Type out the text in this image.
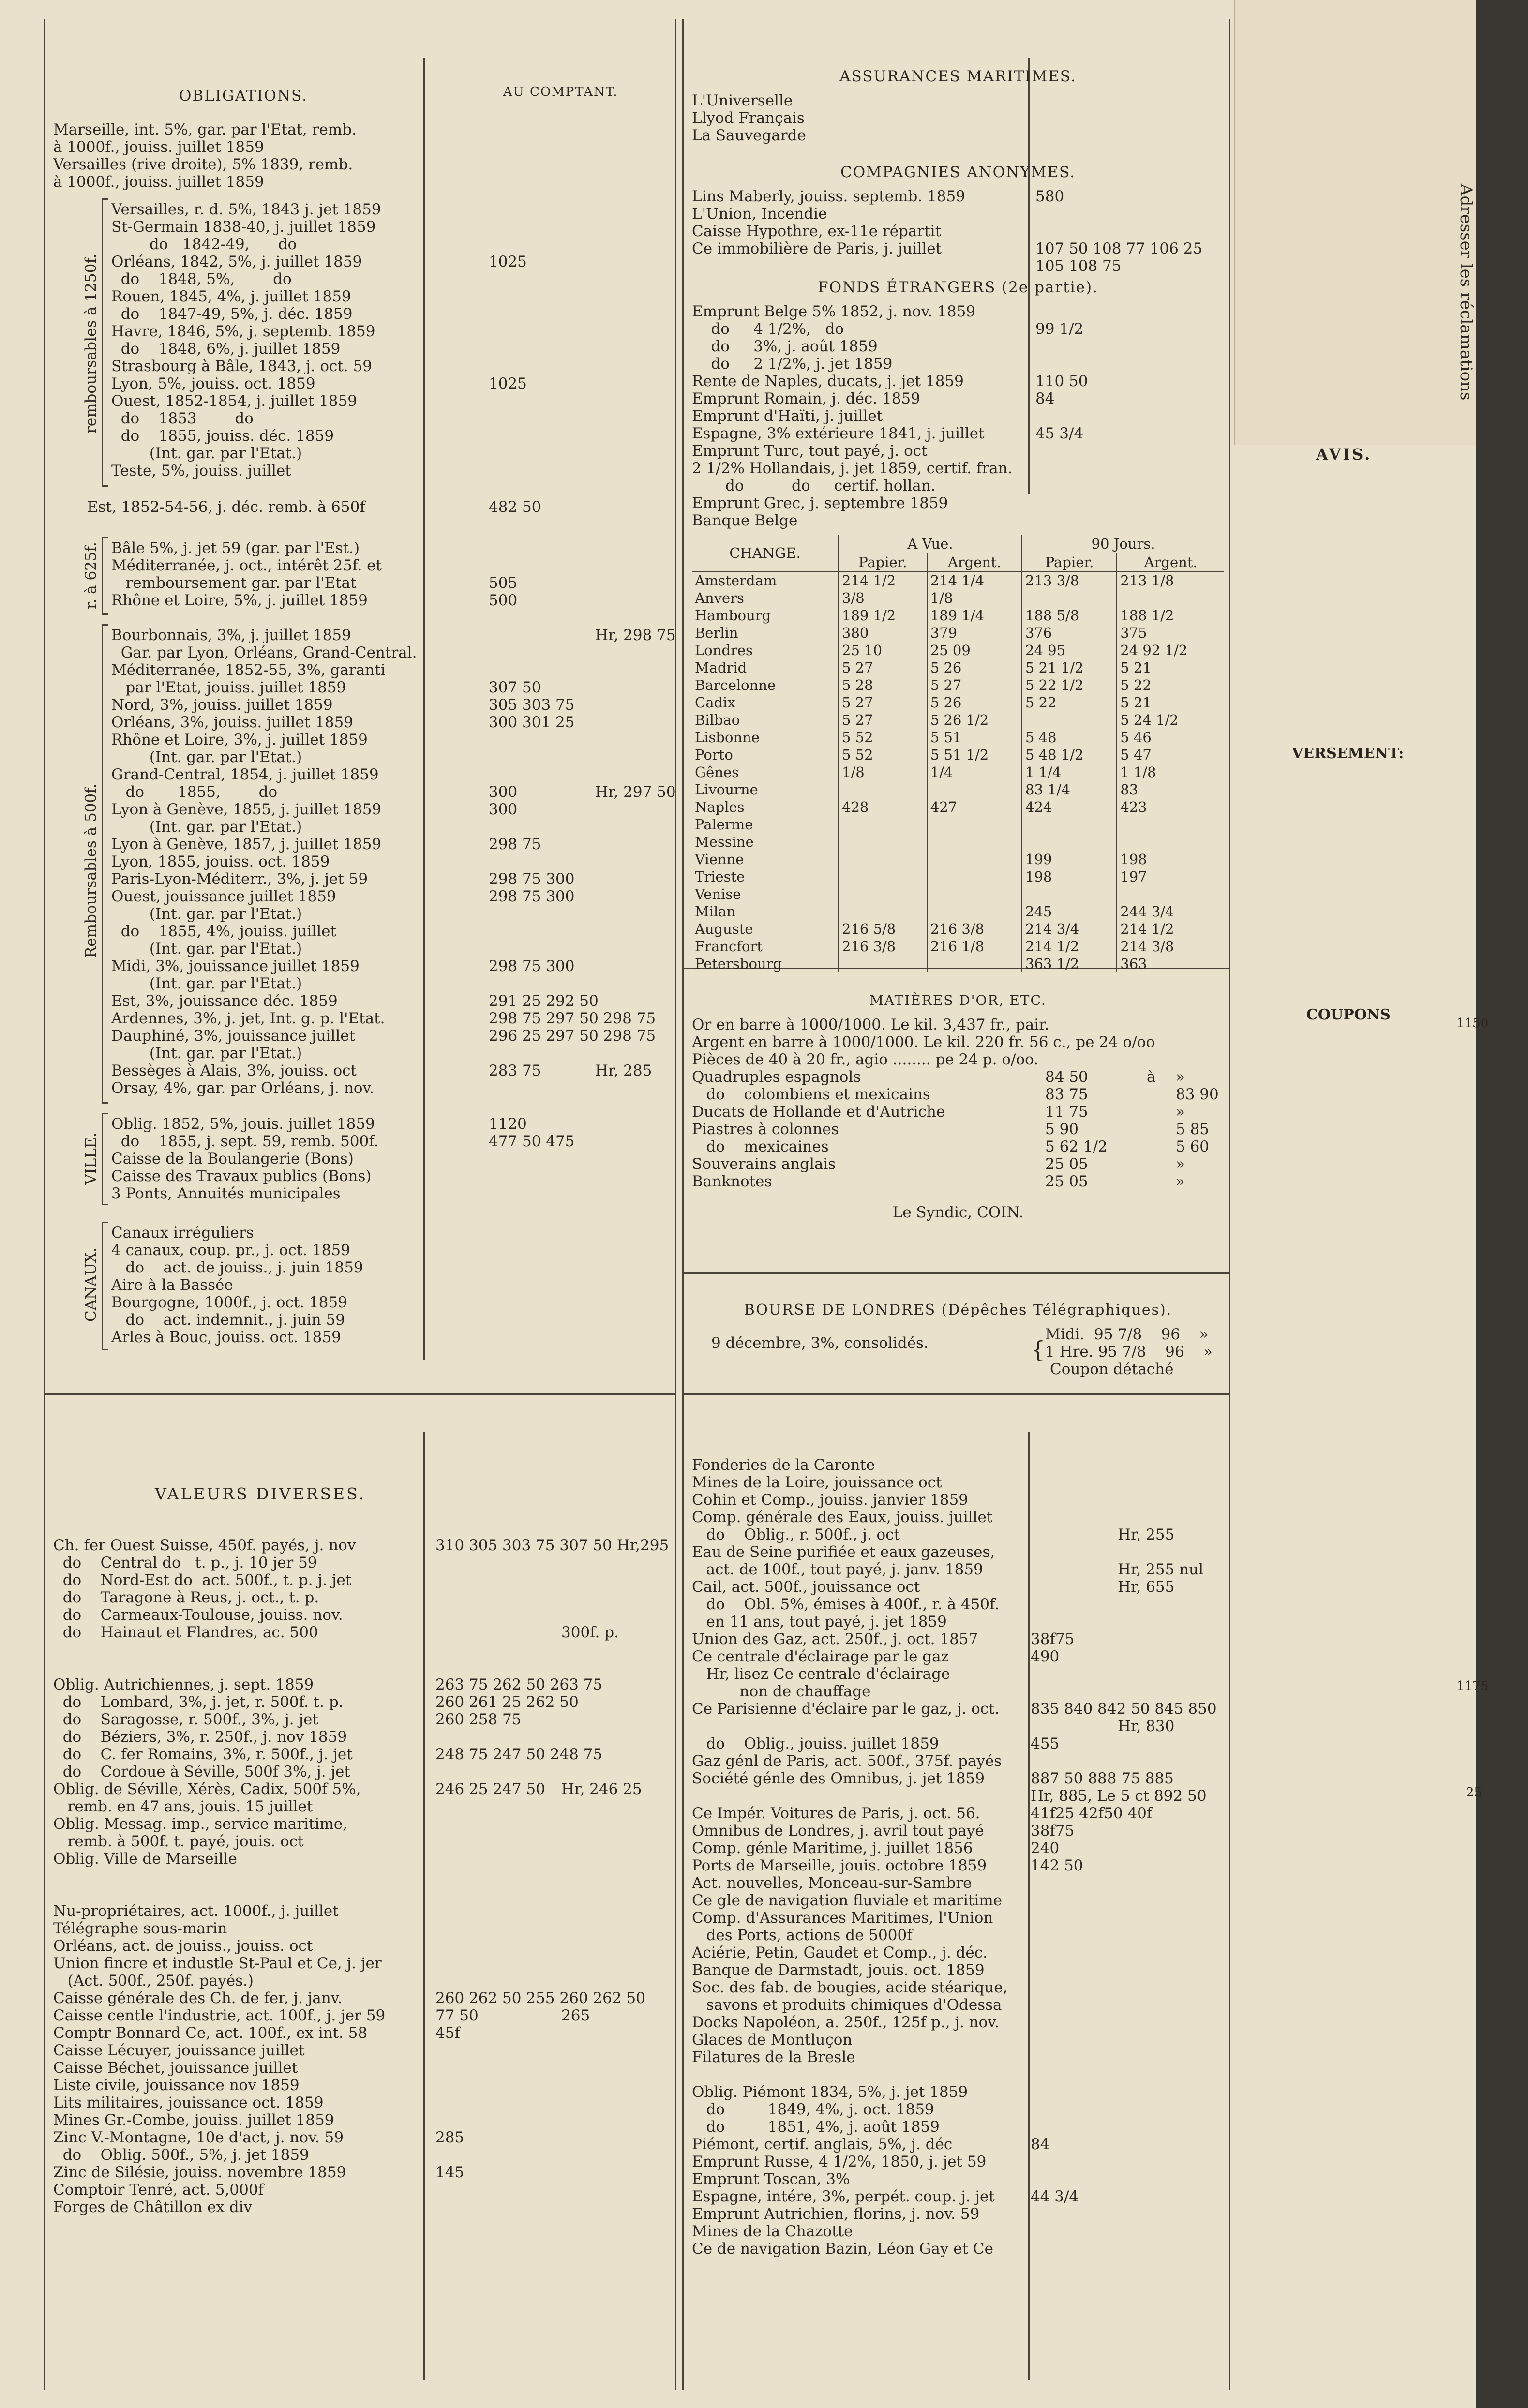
OBLIGATIONS.	AU COMPTANT.
Marseille, int. 5%, gar. par l'Etat, remb.
à 1000f., jouiss. juillet 1859
Versailles (rive droite), 5% 1839, remb.
à 1000f., jouiss. juillet 1859
remboursables à 1250f.
Versailles, r. d. 5%, 1843 j. jet 1859
St-Germain 1838-40, j. juillet 1859
do   1842-49,      do
Orléans, 1842, 5%, j. juillet 1859	1025
do    1848, 5%,        do
Rouen, 1845, 4%, j. juillet 1859
do    1847-49, 5%, j. déc. 1859
Havre, 1846, 5%, j. septemb. 1859
do    1848, 6%, j. juillet 1859
Strasbourg à Bâle, 1843, j. oct. 59
Lyon, 5%, jouiss. oct. 1859	1025
Ouest, 1852-1854, j. juillet 1859
do    1853        do
do    1855, jouiss. déc. 1859
(Int. gar. par l'Etat.)
Teste, 5%, jouiss. juillet
Est, 1852-54-56, j. déc. remb. à 650f	482 50
r. à 625f. Bâle 5%, j. jet 59 (gar. par l'Est.)
Méditerranée, j. oct., intérêt 25f. et
remboursement gar. par l'Etat	505
Rhône et Loire, 5%, j. juillet 1859	500
Remboursables à 500f.
Bourbonnais, 3%, j. juillet 1859	Hr, 298 75
Gar. par Lyon, Orléans, Grand-Central.
Méditerranée, 1852-55, 3%, garanti
par l'Etat, jouiss. juillet 1859	307 50
Nord, 3%, jouiss. juillet 1859	305 303 75
Orléans, 3%, jouiss. juillet 1859	300 301 25
Rhône et Loire, 3%, j. juillet 1859
(Int. gar. par l'Etat.)
Grand-Central, 1854, j. juillet 1859
do       1855,        do	300	Hr, 297 50
Lyon à Genève, 1855, j. juillet 1859	300
(Int. gar. par l'Etat.)
Lyon à Genève, 1857, j. juillet 1859	298 75
Lyon, 1855, jouiss. oct. 1859
Paris-Lyon-Méditerr., 3%, j. jet 59	298 75 300
Ouest, jouissance juillet 1859	298 75 300
(Int. gar. par l'Etat.)
do    1855, 4%, jouiss. juillet
(Int. gar. par l'Etat.)
Midi, 3%, jouissance juillet 1859	298 75 300
(Int. gar. par l'Etat.)
Est, 3%, jouissance déc. 1859	291 25 292 50
Ardennes, 3%, j. jet, Int. g. p. l'Etat.	298 75 297 50 298 75
Dauphiné, 3%, jouissance juillet	296 25 297 50 298 75
(Int. gar. par l'Etat.)
Bessèges à Alais, 3%, jouiss. oct	283 75	Hr, 285
Orsay, 4%, gar. par Orléans, j. nov.
VILLE.
Oblig. 1852, 5%, jouis. juillet 1859	1120
do    1855, j. sept. 59, remb. 500f.	477 50 475
Caisse de la Boulangerie (Bons)
Caisse des Travaux publics (Bons)
3 Ponts, Annuités municipales
CANAUX.
Canaux irréguliers
4 canaux, coup. pr., j. oct. 1859
do    act. de jouiss., j. juin 1859
Aire à la Bassée
Bourgogne, 1000f., j. oct. 1859
do    act. indemnit., j. juin 59
Arles à Bouc, jouiss. oct. 1859
ASSURANCES MARITIMES.
L'Universelle
Llyod Français
La Sauvegarde
COMPAGNIES ANONYMES.
Lins Maberly, jouiss. septemb. 1859	580
L'Union, Incendie
Caisse Hypothre, ex-11e répartit
Ce immobilière de Paris, j. juillet	107 50 108 77 106 25
105 108 75
FONDS ÉTRANGERS (2e partie).
Emprunt Belge 5% 1852, j. nov. 1859
do     4 1/2%,   do	99 1/2
do     3%, j. août 1859
do     2 1/2%, j. jet 1859
Rente de Naples, ducats, j. jet 1859	110 50
Emprunt Romain, j. déc. 1859	84
Emprunt d'Haïti, j. juillet
Espagne, 3% extérieure 1841, j. juillet	45 3/4
Emprunt Turc, tout payé, j. oct
2 1/2% Hollandais, j. jet 1859, certif. fran.
do          do     certif. hollan.
Emprunt Grec, j. septembre 1859
Banque Belge
CHANGE.	A Vue.		90 Jours.	
	Papier.	Argent.	Papier.	Argent.
Amsterdam	214 1/2	214 1/4	213 3/8	213 1/8
Anvers	3/8	1/8		
Hambourg	189 1/2	189 1/4	188 5/8	188 1/2
Berlin	380	379	376	375
Londres	25 10	25 09	24 95	24 92 1/2
Madrid	5 27	5 26	5 21 1/2	5 21
Barcelonne	5 28	5 27	5 22 1/2	5 22
Cadix	5 27	5 26	5 22	5 21
Bilbao	5 27	5 26 1/2		5 24 1/2
Lisbonne	5 52	5 51	5 48	5 46
Porto	5 52	5 51 1/2	5 48 1/2	5 47
Gênes	1/8	1/4	1 1/4	1 1/8
Livourne			83 1/4	83
Naples	428	427	424	423
Palerme				
Messine				
Vienne			199	198
Trieste			198	197
Venise				
Milan			245	244 3/4
Auguste	216 5/8	216 3/8	214 3/4	214 1/2
Francfort	216 3/8	216 1/8	214 1/2	214 3/8
Petersbourg			363 1/2	363
MATIÈRES D'OR, ETC.
Or en barre à 1000/1000. Le kil. 3,437 fr., pair.
Argent en barre à 1000/1000. Le kil. 220 fr. 56 c., pe 24 o/oo
Pièces de 40 à 20 fr., agio ........ pe 24 p. o/oo.
Quadruples espagnols	84 50	à »
do    colombiens et mexicains	83 75	83 90
Ducats de Hollande et d'Autriche	11 75	»
Piastres à colonnes	5 90	5 85
do    mexicaines	5 62 1/2	5 60
Souverains anglais	25 05	»
Banknotes	25 05	»
Le Syndic, COIN.
BOURSE DE LONDRES (Dépêches Télégraphiques).
9 décembre, 3%, consolidés.	{
Midi.  95 7/8    96    »
1 Hre. 95 7/8    96    »
Coupon détaché
VALEURS DIVERSES.
Ch. fer Ouest Suisse, 450f. payés, j. nov	310 305 303 75 307 50 Hr,295
do    Central do   t. p., j. 10 jer 59
do    Nord-Est do  act. 500f., t. p. j. jet
do    Taragone à Reus, j. oct., t. p.
do    Carmeaux-Toulouse, jouiss. nov.
do    Hainaut et Flandres, ac. 500	300f. p.
Oblig. Autrichiennes, j. sept. 1859	263 75 262 50 263 75
do    Lombard, 3%, j. jet, r. 500f. t. p.	260 261 25 262 50
do    Saragosse, r. 500f., 3%, j. jet	260 258 75
do    Béziers, 3%, r. 250f., j. nov 1859
do    C. fer Romains, 3%, r. 500f., j. jet	248 75 247 50 248 75
do    Cordoue à Séville, 500f 3%, j. jet
Oblig. de Séville, Xérès, Cadix, 500f 5%,	246 25 247 50 Hr, 246 25
remb. en 47 ans, jouis. 15 juillet
Oblig. Messag. imp., service maritime,
remb. à 500f. t. payé, jouis. oct
Oblig. Ville de Marseille
Nu-propriétaires, act. 1000f., j. juillet
Télégraphe sous-marin
Orléans, act. de jouiss., jouiss. oct
Union fincre et industle St-Paul et Ce, j. jer
(Act. 500f., 250f. payés.)
Caisse générale des Ch. de fer, j. janv.	260 262 50 255 260 262 50
Caisse centle l'industrie, act. 100f., j. jer 59	77 50	265
Comptr Bonnard Ce, act. 100f., ex int. 58	45f
Caisse Lécuyer, jouissance juillet
Caisse Béchet, jouissance juillet
Liste civile, jouissance nov 1859
Lits militaires, jouissance oct. 1859
Mines Gr.-Combe, jouiss. juillet 1859
Zinc V.-Montagne, 10e d'act, j. nov. 59	285
do    Oblig. 500f., 5%, j. jet 1859
Zinc de Silésie, jouiss. novembre 1859	145
Comptoir Tenré, act. 5,000f
Forges de Châtillon ex div
Fonderies de la Caronte
Mines de la Loire, jouissance oct
Cohin et Comp., jouiss. janvier 1859
Comp. générale des Eaux, jouiss. juillet
do    Oblig., r. 500f., j. oct	Hr, 255
Eau de Seine purifiée et eaux gazeuses,
act. de 100f., tout payé, j. janv. 1859	Hr, 255 nul
Cail, act. 500f., jouissance oct	Hr, 655
do    Obl. 5%, émises à 400f., r. à 450f.
en 11 ans, tout payé, j. jet 1859
Union des Gaz, act. 250f., j. oct. 1857	38f75
Ce centrale d'éclairage par le gaz	490
Hr, lisez Ce centrale d'éclairage
non de chauffage
Ce Parisienne d'éclaire par le gaz, j. oct.	835 840 842 50 845 850
Hr, 830
do    Oblig., jouiss. juillet 1859	455
Gaz génl de Paris, act. 500f., 375f. payés
Société génle des Omnibus, j. jet 1859	887 50 888 75 885
Hr, 885, Le 5 ct 892 50
Ce Impér. Voitures de Paris, j. oct. 56.	41f25 42f50 40f
Omnibus de Londres, j. avril tout payé	38f75
Comp. génle Maritime, j. juillet 1856	240
Ports de Marseille, jouis. octobre 1859	142 50
Act. nouvelles, Monceau-sur-Sambre
Ce gle de navigation fluviale et maritime
Comp. d'Assurances Maritimes, l'Union
des Ports, actions de 5000f
Aciérie, Petin, Gaudet et Comp., j. déc.
Banque de Darmstadt, jouis. oct. 1859
Soc. des fab. de bougies, acide stéarique,
savons et produits chimiques d'Odessa
Docks Napoléon, a. 250f., 125f p., j. nov.
Glaces de Montluçon
Filatures de la Bresle
Oblig. Piémont 1834, 5%, j. jet 1859
do         1849, 4%, j. oct. 1859
do         1851, 4%, j. août 1859
Piémont, certif. anglais, 5%, j. déc	84
Emprunt Russe, 4 1/2%, 1850, j. jet 59
Emprunt Toscan, 3%
Espagne, intére, 3%, perpét. coup. j. jet	44 3/4
Emprunt Autrichien, florins, j. nov. 59
Mines de la Chazotte
Ce de navigation Bazin, Léon Gay et Ce
AVIS.
VERSEMENT:
COUPONS
Adresser les réclamations
1150
1175
25
